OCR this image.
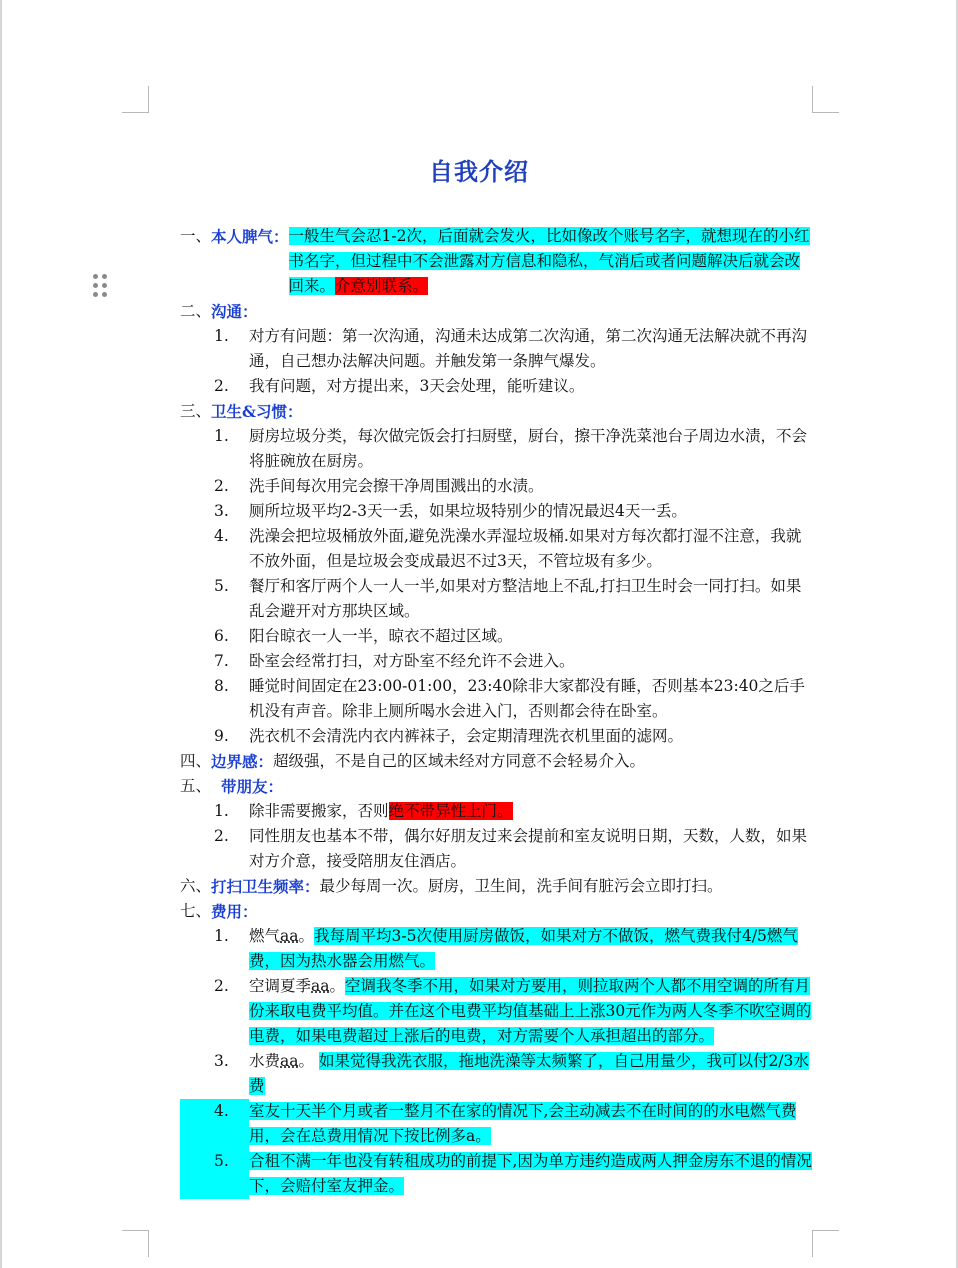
自我介绍
一、 本人脾气： 一般生气会忍1-2次，后面就会发火，比如像改个账号名字，就想现在的小红书名字，但过程中不会泄露对方信息和隐私，气消后或者问题解决后就会改回来。介意别联系。
二、 沟通：
1.	对方有问题：第一次沟通，沟通未达成第二次沟通，第二次沟通无法解决就不再沟通，自己想办法解决问题。并触发第一条脾气爆发。
2.	我有问题，对方提出来，3天会处理，能听建议。
三、 卫生&习惯：
1.	厨房垃圾分类，每次做完饭会打扫厨壁，厨台，擦干净洗菜池台子周边水渍，不会将脏碗放在厨房。
2.	洗手间每次用完会擦干净周围溅出的水渍。
3.	厕所垃圾平均2-3天一丢，如果垃圾特别少的情况最迟4天一丢。
4.	洗澡会把垃圾桶放外面,避免洗澡水弄湿垃圾桶.如果对方每次都打湿不注意，我就不放外面，但是垃圾会变成最迟不过3天，不管垃圾有多少。
5.	餐厅和客厅两个人一人一半,如果对方整洁地上不乱,打扫卫生时会一同打扫。如果乱会避开对方那块区域。
6.	阳台晾衣一人一半，晾衣不超过区域。
7.	卧室会经常打扫，对方卧室不经允许不会进入。
8.	睡觉时间固定在23:00-01:00，23:40除非大家都没有睡，否则基本23:40之后手机没有声音。除非上厕所喝水会进入门，否则都会待在卧室。
9.	洗衣机不会清洗内衣内裤袜子，会定期清理洗衣机里面的滤网。
四、 边界感： 超级强，不是自己的区域未经对方同意不会轻易介入。
五、 带朋友：
1.	除非需要搬家，否则绝不带异性上门。
2.	同性朋友也基本不带，偶尔好朋友过来会提前和室友说明日期，天数，人数，如果对方介意，接受陪朋友住酒店。
六、 打扫卫生频率： 最少每周一次。厨房，卫生间，洗手间有脏污会立即打扫。
七、 费用：
1.	燃气aa。我每周平均3-5次使用厨房做饭，如果对方不做饭，燃气费我付4/5燃气费，因为热水器会用燃气。
2.	空调夏季aa。空调我冬季不用，如果对方要用，则拉取两个人都不用空调的所有月份来取电费平均值。并在这个电费平均值基础上上涨30元作为两人冬季不吹空调的电费，如果电费超过上涨后的电费，对方需要个人承担超出的部分。
3.	水费aa。 如果觉得我洗衣服，拖地洗澡等太频繁了，自己用量少，我可以付2/3水费
4.	室友十天半个月或者一整月不在家的情况下,会主动减去不在时间的的水电燃气费用，会在总费用情况下按比例多a。
5.	合租不满一年也没有转租成功的前提下,因为单方违约造成两人押金房东不退的情况下，会赔付室友押金。
